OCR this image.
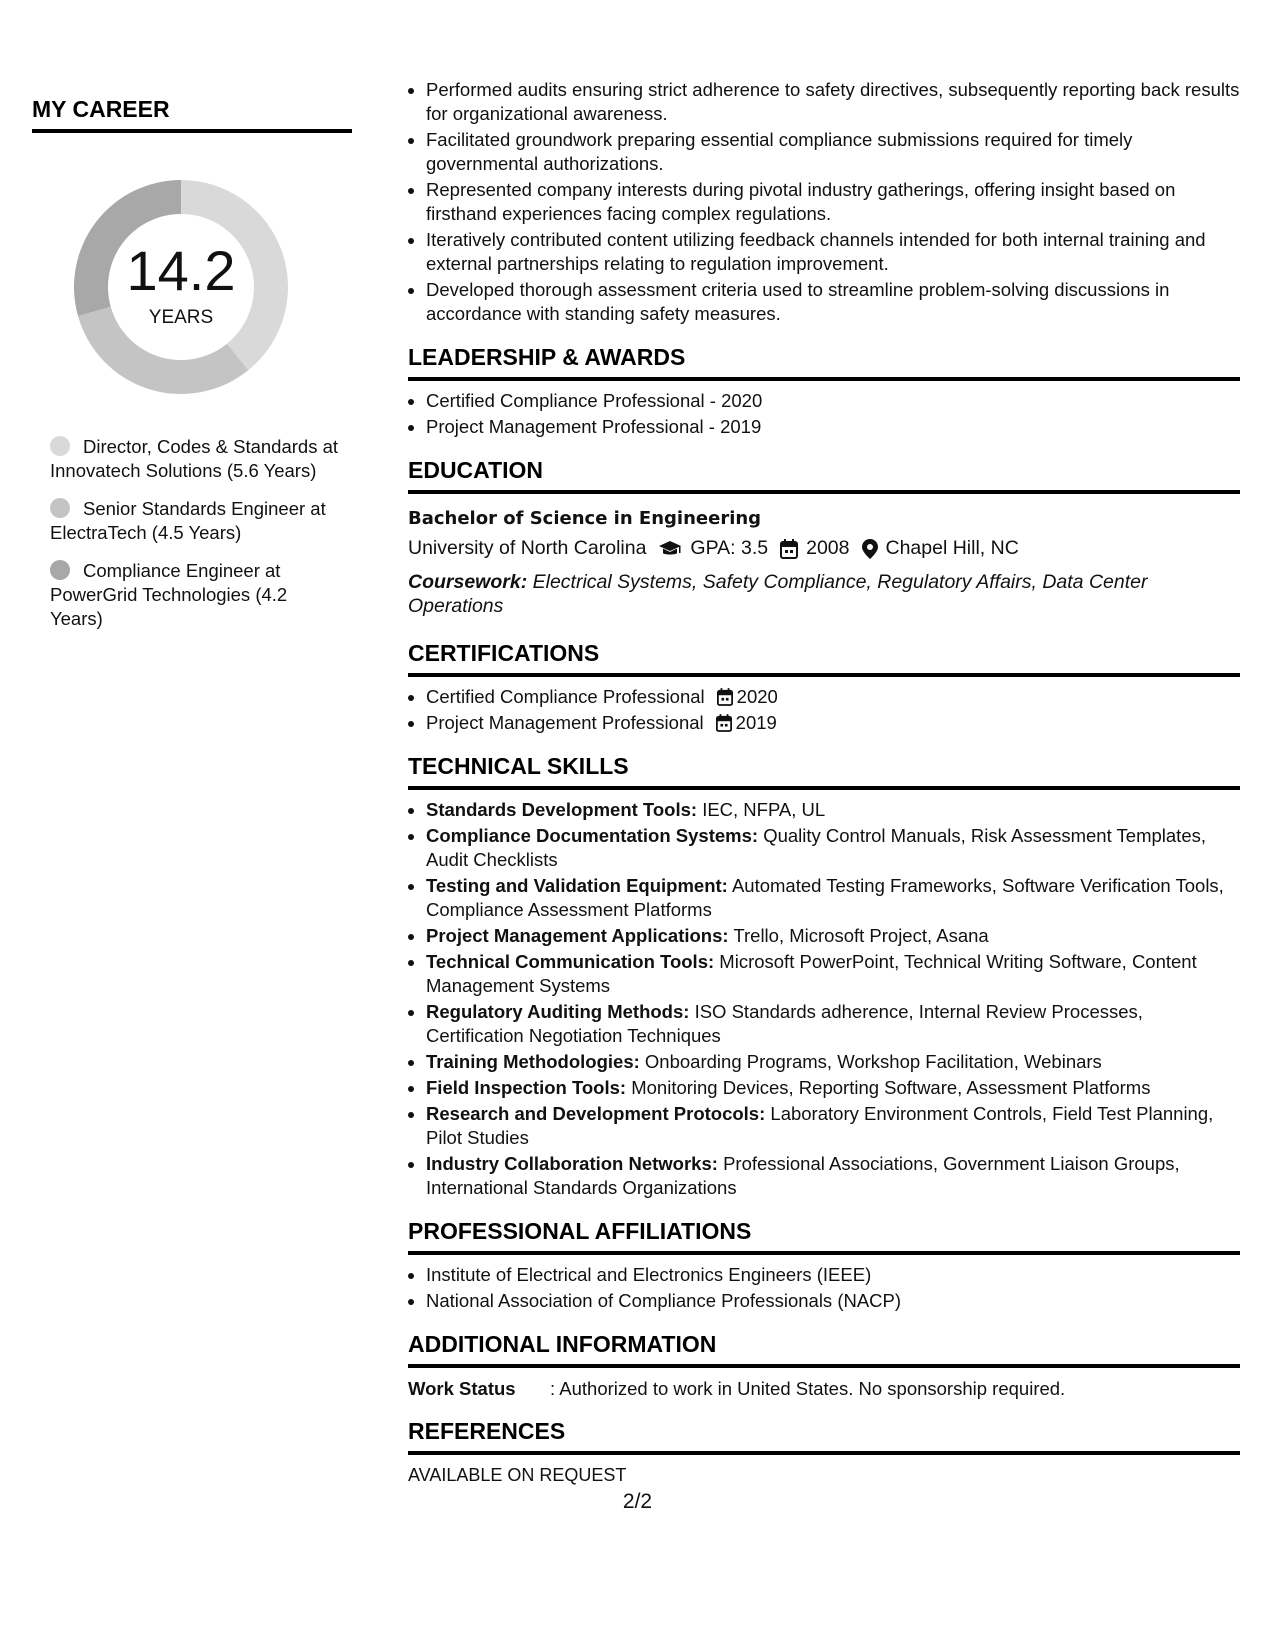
MY CAREER
14.2
YEARS
Director, Codes & Standards at Innovatech Solutions (5.6 Years)
Senior Standards Engineer at ElectraTech (4.5 Years)
Compliance Engineer at PowerGrid Technologies (4.2 Years)
• Performed audits ensuring strict adherence to safety directives, subsequently reporting back results for organizational awareness.
• Facilitated groundwork preparing essential compliance submissions required for timely governmental authorizations.
• Represented company interests during pivotal industry gatherings, offering insight based on firsthand experiences facing complex regulations.
• Iteratively contributed content utilizing feedback channels intended for both internal training and external partnerships relating to regulation improvement.
• Developed thorough assessment criteria used to streamline problem-solving discussions in accordance with standing safety measures.
LEADERSHIP & AWARDS
• Certified Compliance Professional - 2020
• Project Management Professional - 2019
EDUCATION
Bachelor of Science in Engineering
University of North Carolina GPA: 3.5 2008 Chapel Hill, NC
Coursework: Electrical Systems, Safety Compliance, Regulatory Affairs, Data Center Operations
CERTIFICATIONS
• Certified Compliance Professional 2020
• Project Management Professional 2019
TECHNICAL SKILLS
• Standards Development Tools: IEC, NFPA, UL
• Compliance Documentation Systems: Quality Control Manuals, Risk Assessment Templates, Audit Checklists
• Testing and Validation Equipment: Automated Testing Frameworks, Software Verification Tools, Compliance Assessment Platforms
• Project Management Applications: Trello, Microsoft Project, Asana
• Technical Communication Tools: Microsoft PowerPoint, Technical Writing Software, Content Management Systems
• Regulatory Auditing Methods: ISO Standards adherence, Internal Review Processes, Certification Negotiation Techniques
• Training Methodologies: Onboarding Programs, Workshop Facilitation, Webinars
• Field Inspection Tools: Monitoring Devices, Reporting Software, Assessment Platforms
• Research and Development Protocols: Laboratory Environment Controls, Field Test Planning, Pilot Studies
• Industry Collaboration Networks: Professional Associations, Government Liaison Groups, International Standards Organizations
PROFESSIONAL AFFILIATIONS
• Institute of Electrical and Electronics Engineers (IEEE)
• National Association of Compliance Professionals (NACP)
ADDITIONAL INFORMATION
Work Status	: Authorized to work in United States. No sponsorship required.
REFERENCES
AVAILABLE ON REQUEST
2/2
